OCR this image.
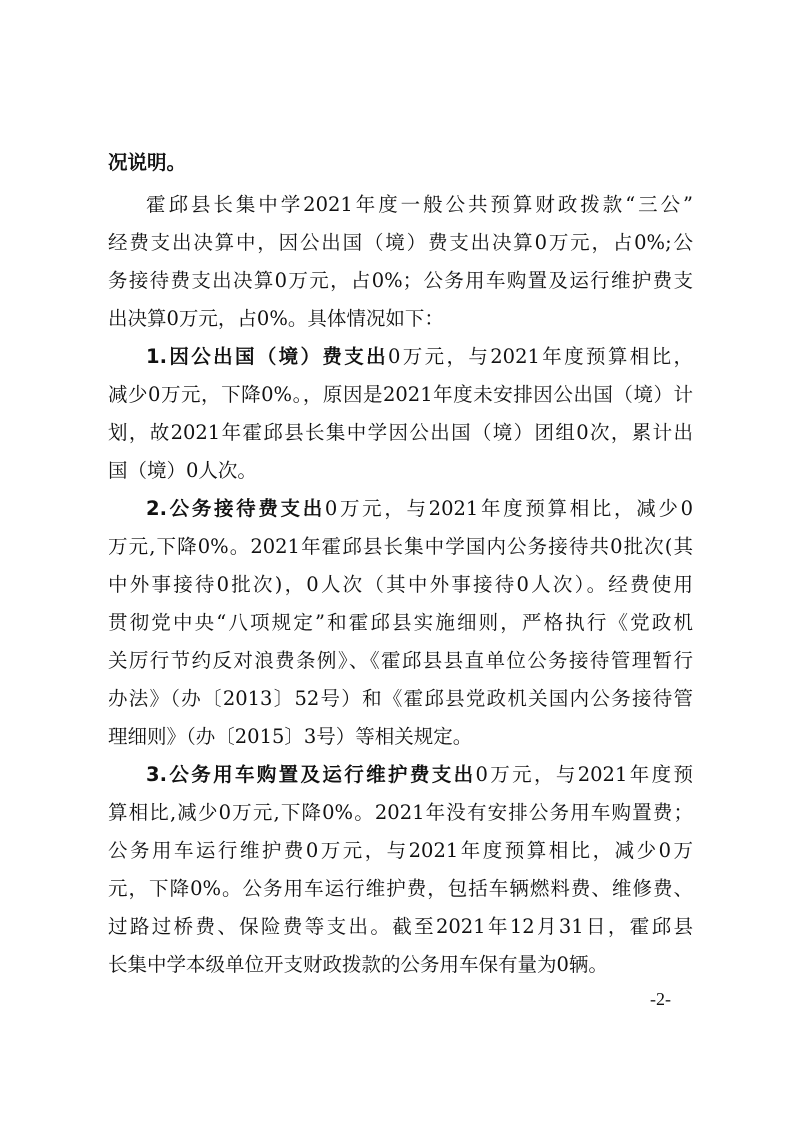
况说明。
霍邱县长集中学2021年度一般公共预算财政拨款“三公”
经费支出决算中，因公出国（境）费支出决算0万元，占0%;公
务接待费支出决算0万元，占0%；公务用车购置及运行维护费支
出决算0万元，占0%。具体情况如下：
1.因公出国（境）费支出0万元，与2021年度预算相比，
减少0万元，下降0%。，原因是2021年度未安排因公出国（境）计
划，故2021年霍邱县长集中学因公出国（境）团组0次，累计出
国（境）0人次。
2.公务接待费支出0万元，与2021年度预算相比，减少0
万元,下降0%。2021年霍邱县长集中学国内公务接待共0批次(其
中外事接待0批次)，0人次（其中外事接待0人次）。经费使用
贯彻党中央“八项规定”和霍邱县实施细则，严格执行《党政机
关厉行节约反对浪费条例》、《霍邱县县直单位公务接待管理暂行
办法》（办〔2013〕52号）和《霍邱县党政机关国内公务接待管
理细则》（办〔2015〕3号）等相关规定。
3.公务用车购置及运行维护费支出0万元，与2021年度预
算相比,减少0万元,下降0%。2021年没有安排公务用车购置费；
公务用车运行维护费0万元，与2021年度预算相比，减少0万
元，下降0%。公务用车运行维护费，包括车辆燃料费、维修费、
过路过桥费、保险费等支出。截至2021年12月31日，霍邱县
长集中学本级单位开支财政拨款的公务用车保有量为0辆。
-2-
